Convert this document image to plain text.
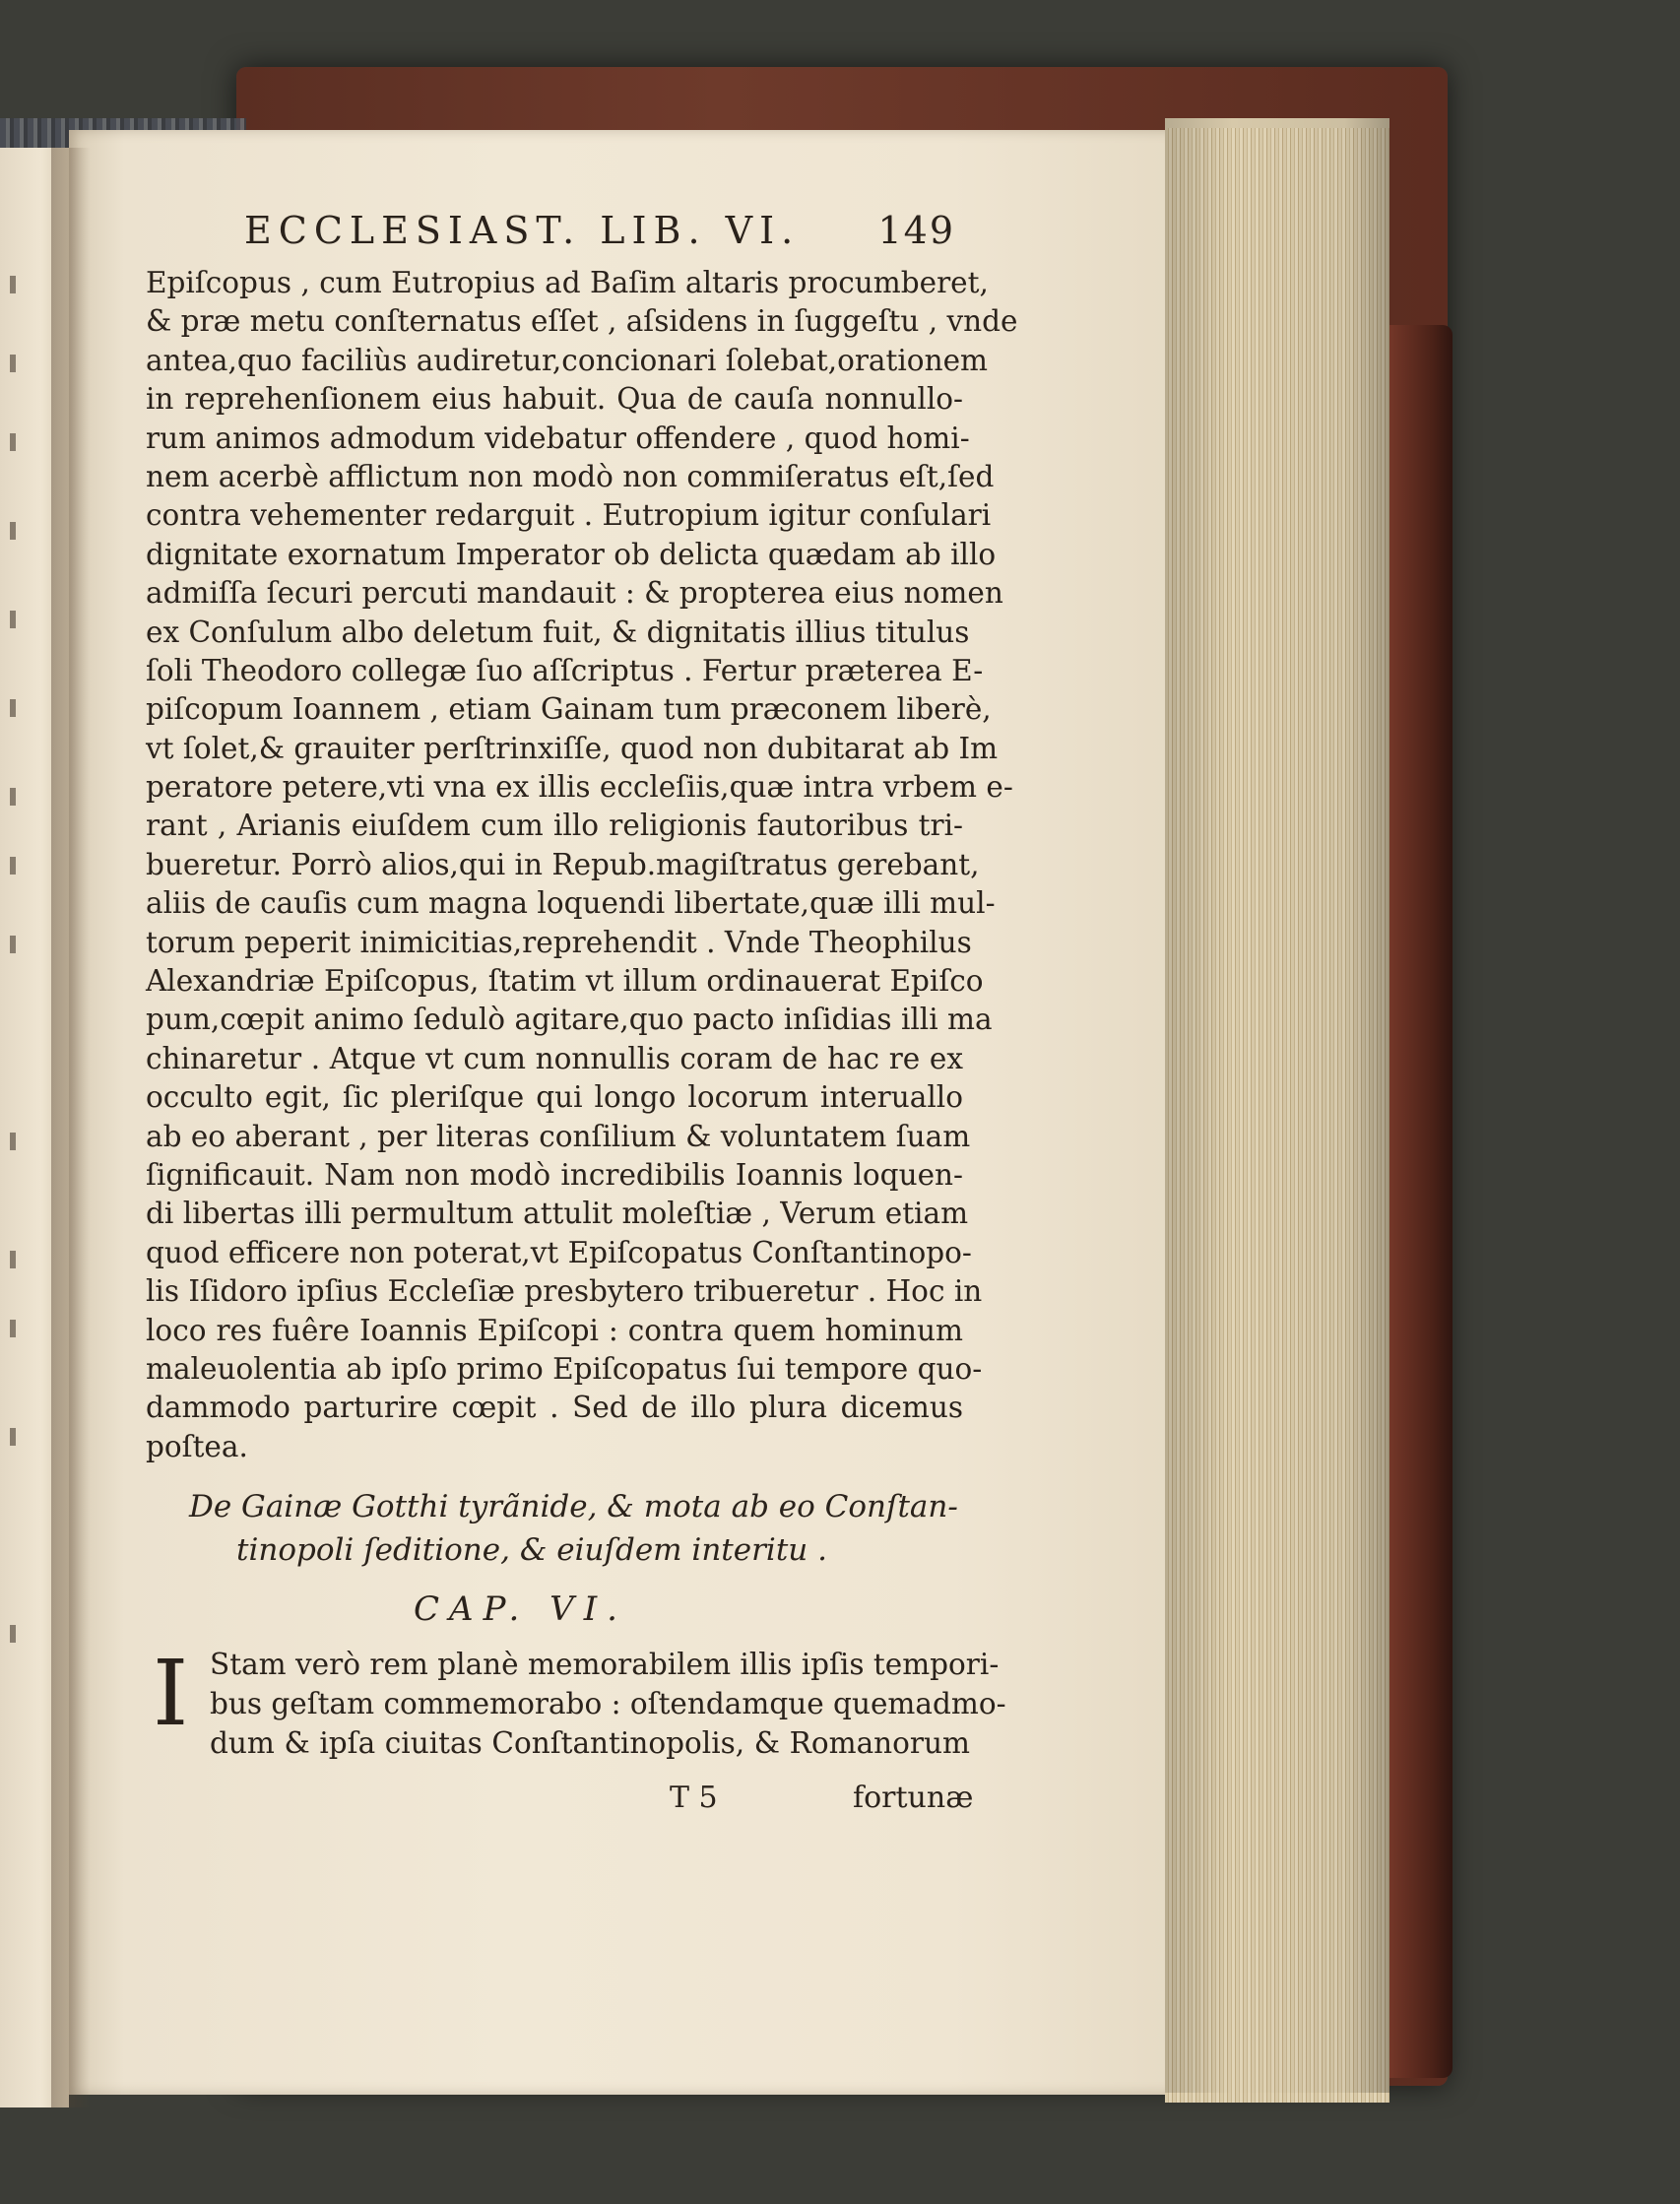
ECCLESIAST. LIB. VI. 149
Epiſcopus , cum Eutropius ad Baſim altaris procumberet,
& præ metu conſternatus eſſet , aſsidens in ſuggeſtu , vnde
antea,quo faciliùs audiretur,concionari ſolebat,orationem
in reprehenſionem eius habuit. Qua de cauſa nonnullo-
rum animos admodum videbatur offendere , quod homi-
nem acerbè afflictum non modò non commiſeratus eſt,ſed
contra vehementer redarguit . Eutropium igitur conſulari
dignitate exornatum Imperator ob delicta quædam ab illo
admiſſa ſecuri percuti mandauit : & propterea eius nomen
ex Conſulum albo deletum fuit, & dignitatis illius titulus
ſoli Theodoro collegæ ſuo aſſcriptus . Fertur præterea E-
piſcopum Ioannem , etiam Gainam tum præconem liberè,
vt ſolet,& grauiter perſtrinxiſſe, quod non dubitarat ab Im
peratore petere,vti vna ex illis eccleſiis,quæ intra vrbem e-
rant , Arianis eiuſdem cum illo religionis fautoribus tri-
bueretur. Porrò alios,qui in Repub.magiſtratus gerebant,
aliis de cauſis cum magna loquendi libertate,quæ illi mul-
torum peperit inimicitias,reprehendit . Vnde Theophilus
Alexandriæ Epiſcopus, ſtatim vt illum ordinauerat Epiſco
pum,cœpit animo ſedulò agitare,quo pacto inſidias illi ma
chinaretur . Atque vt cum nonnullis coram de hac re ex
occulto egit, ſic pleriſque qui longo locorum interuallo
ab eo aberant , per literas conſilium & voluntatem ſuam
ſignificauit. Nam non modò incredibilis Ioannis loquen-
di libertas illi permultum attulit moleſtiæ , Verum etiam
quod efficere non poterat,vt Epiſcopatus Conſtantinopo-
lis Iſidoro ipſius Eccleſiæ presbytero tribueretur . Hoc in
loco res fuêre Ioannis Epiſcopi : contra quem hominum
maleuolentia ab ipſo primo Epiſcopatus ſui tempore quo-
dammodo parturire cœpit . Sed de illo plura dicemus
poſtea.
De Gainæ Gotthi tyrãnide, & mota ab eo Conſtan-
tinopoli ſeditione, & eiuſdem interitu .
CAP. VI.
I Stam verò rem planè memorabilem illis ipſis tempori-
bus geſtam commemorabo : oſtendamque quemadmo-
dum & ipſa ciuitas Conſtantinopolis, & Romanorum
T 5	fortunæ
